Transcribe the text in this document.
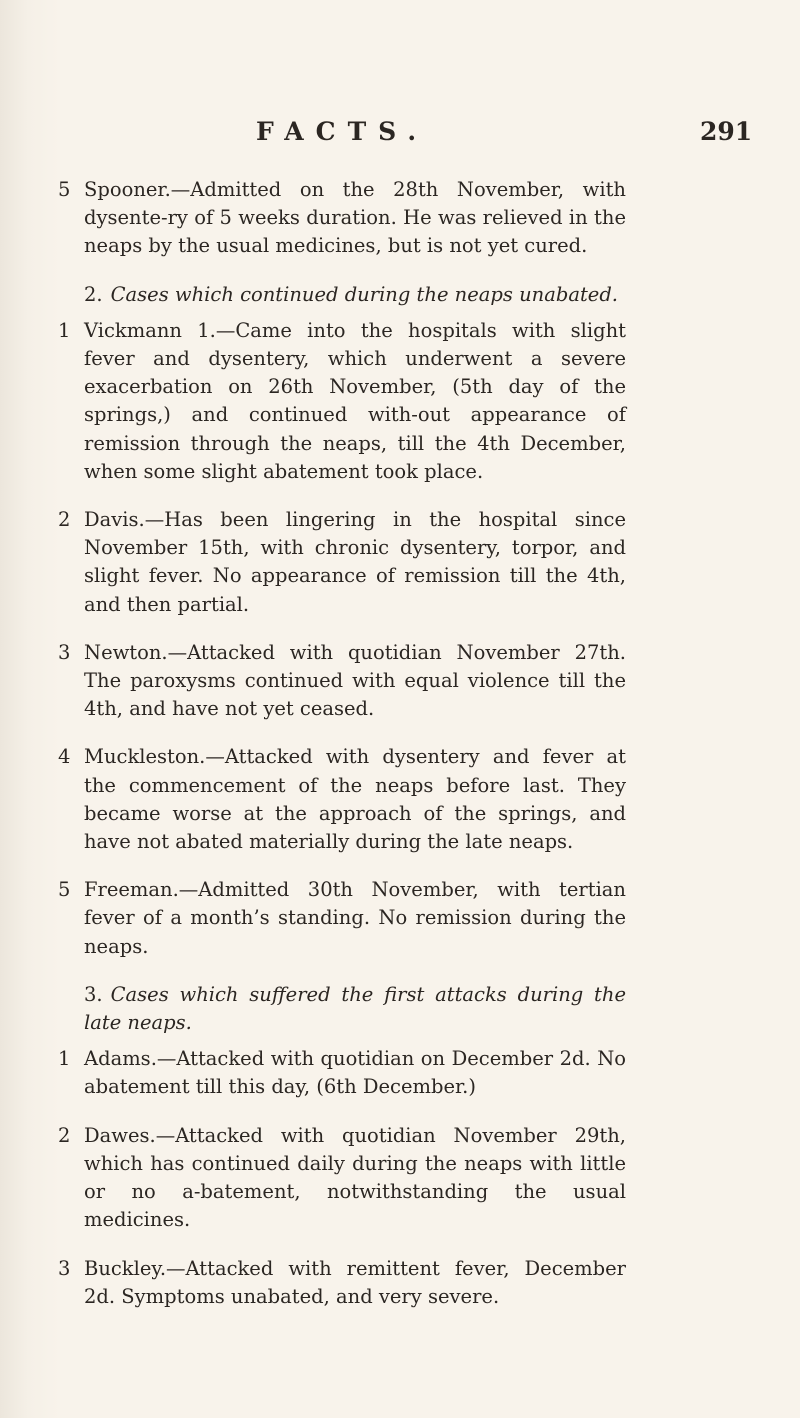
FACTS.	291
5 Spooner.—Admitted on the 28th November, with dysente-ry of 5 weeks duration. He was relieved in the neaps by the usual medicines, but is not yet cured.
2. Cases which continued during the neaps unabated.
1 Vickmann 1.—Came into the hospitals with slight fever and dysentery, which underwent a severe exacerbation on 26th November, (5th day of the springs,) and continued with-out appearance of remission through the neaps, till the 4th December, when some slight abatement took place.
2 Davis.—Has been lingering in the hospital since November 15th, with chronic dysentery, torpor, and slight fever. No appearance of remission till the 4th, and then partial.
3 Newton.—Attacked with quotidian November 27th. The paroxysms continued with equal violence till the 4th, and have not yet ceased.
4 Muckleston.—Attacked with dysentery and fever at the commencement of the neaps before last. They became worse at the approach of the springs, and have not abated materially during the late neaps.
5 Freeman.—Admitted 30th November, with tertian fever of a month’s standing. No remission during the neaps.
3. Cases which suffered the first attacks during the late neaps.
1 Adams.—Attacked with quotidian on December 2d. No abatement till this day, (6th December.)
2 Dawes.—Attacked with quotidian November 29th, which has continued daily during the neaps with little or no a-batement, notwithstanding the usual medicines.
3 Buckley.—Attacked with remittent fever, December 2d. Symptoms unabated, and very severe.
